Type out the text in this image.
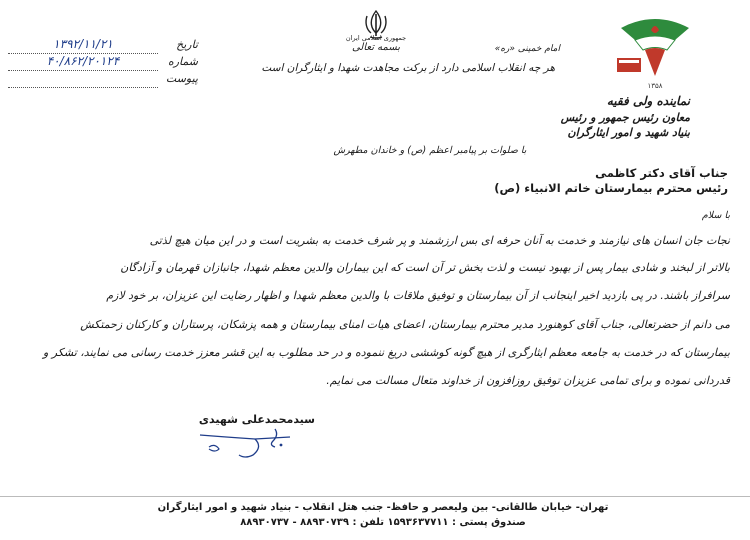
۱۳۹۲/۱۱/۲۱	تاریخ
۴۰/۸۶۲/۲۰۱۲۴	شماره
پیوست
جمهوری اسلامی ایران
بسمه تعالی	امام خمینی «ره»
هر چه انقلاب اسلامی دارد از برکت مجاهدت شهدا و ایثارگران است
۱۳۵۸
نماینده ولی فقیه
معاون رئیس جمهور و رئیس
بنیاد شهید و امور ایثارگران
با صلوات بر پیامبر اعظم (ص) و خاندان مطهرش
جناب آقای دکتر کاظمی
رئیس محترم بیمارستان خاتم الانبیاء (ص)
با سلام
نجات جان انسان های نیازمند و خدمت به آنان حرفه ای بس ارزشمند و پر شرف خدمت به بشریت است و در این میان هیچ لذتی
بالاتر از لبخند و شادی بیمار پس از بهبود نیست و لذت بخش تر آن است که این بیماران والدین معظم شهدا، جانبازان قهرمان و آزادگان
سرافراز باشند. در پی بازدید اخیر اینجانب از آن بیمارستان و توفیق ملاقات با والدین معظم شهدا و اظهار رضایت این عزیزان، بر خود لازم
می دانم از حضرتعالی، جناب آقای کوهنورد مدیر محترم بیمارستان، اعضای هیات امنای بیمارستان و همه پزشکان، پرستاران و کارکنان زحمتکش
بیمارستان که در خدمت به جامعه معظم ایثارگری از هیچ گونه کوششی دریغ ننموده و در حد مطلوب به این قشر معزز خدمت رسانی می نمایند، تشکر و
قدردانی نموده و برای تمامی عزیزان توفیق روزافزون از خداوند متعال مسالت می نمایم.
سیدمحمدعلی شهیدی
تهران- خیابان طالقانی- بین ولیعصر و حافظ- جنب هتل انقلاب - بنیاد شهید و امور ایثارگران
صندوق پستی : ۱۵۹۳۶۳۷۷۱۱ تلفن : ۸۸۹۳۰۷۳۹ - ۸۸۹۳۰۷۳۷
